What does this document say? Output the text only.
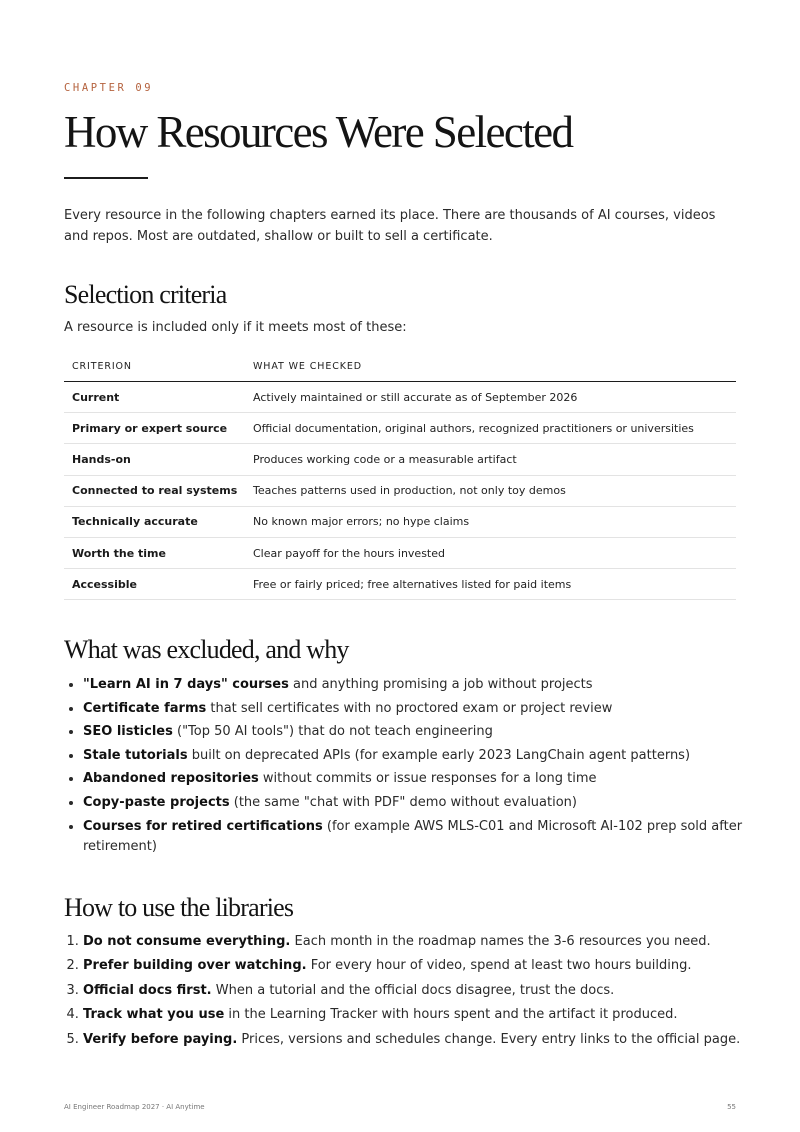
CHAPTER 09
How Resources Were Selected

Every resource in the following chapters earned its place. There are thousands of AI courses, videos and repos. Most are outdated, shallow or built to sell a certificate.

Selection criteria

A resource is included only if it meets most of these:

CRITERION	WHAT WE CHECKED
Current	Actively maintained or still accurate as of September 2026
Primary or expert source	Official documentation, original authors, recognized practitioners or universities
Hands-on	Produces working code or a measurable artifact
Connected to real systems	Teaches patterns used in production, not only toy demos
Technically accurate	No known major errors; no hype claims
Worth the time	Clear payoff for the hours invested
Accessible	Free or fairly priced; free alternatives listed for paid items
What was excluded, and why
• "Learn AI in 7 days" courses and anything promising a job without projects
• Certificate farms that sell certificates with no proctored exam or project review
• SEO listicles ("Top 50 AI tools") that do not teach engineering
• Stale tutorials built on deprecated APIs (for example early 2023 LangChain agent patterns)
• Abandoned repositories without commits or issue responses for a long time
• Copy-paste projects (the same "chat with PDF" demo without evaluation)
• Courses for retired certifications (for example AWS MLS-C01 and Microsoft AI-102 prep sold after retirement)
How to use the libraries
1. Do not consume everything. Each month in the roadmap names the 3-6 resources you need.
2. Prefer building over watching. For every hour of video, spend at least two hours building.
3. Official docs first. When a tutorial and the official docs disagree, trust the docs.
4. Track what you use in the Learning Tracker with hours spent and the artifact it produced.
5. Verify before paying. Prices, versions and schedules change. Every entry links to the official page.
AI Engineer Roadmap 2027 · AI Anytime	55
